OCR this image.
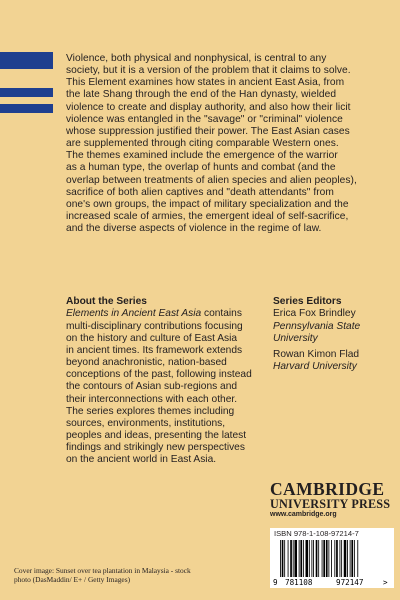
Violence, both physical and nonphysical, is central to any
society, but it is a version of the problem that it claims to solve.
This Element examines how states in ancient East Asia, from
the late Shang through the end of the Han dynasty, wielded
violence to create and display authority, and also how their licit
violence was entangled in the "savage" or "criminal" violence
whose suppression justified their power. The East Asian cases
are supplemented through citing comparable Western ones.
The themes examined include the emergence of the warrior
as a human type, the overlap of hunts and combat (and the
overlap between treatments of alien species and alien peoples),
sacrifice of both alien captives and "death attendants" from
one's own groups, the impact of military specialization and the
increased scale of armies, the emergent ideal of self-sacrifice,
and the diverse aspects of violence in the regime of law.

About the Series

Elements in Ancient East Asia contains
multi-disciplinary contributions focusing
on the history and culture of East Asia
in ancient times. Its framework extends
beyond anachronistic, nation-based
conceptions of the past, following instead
the contours of Asian sub-regions and
their interconnections with each other.
The series explores themes including
sources, environments, institutions,
peoples and ideas, presenting the latest
findings and strikingly new perspectives
on the ancient world in East Asia.

Series Editors
Erica Fox Brindley
Pennsylvania State
University
Rowan Kimon Flad
Harvard University
CAMBRIDGE
UNIVERSITY PRESS
www.cambridge.org
ISBN 978-1-108-97214-7
9 781108	972147	>

Cover image: Sunset over tea plantation in Malaysia - stock
photo (DasMaddin/ E+ / Getty Images)
